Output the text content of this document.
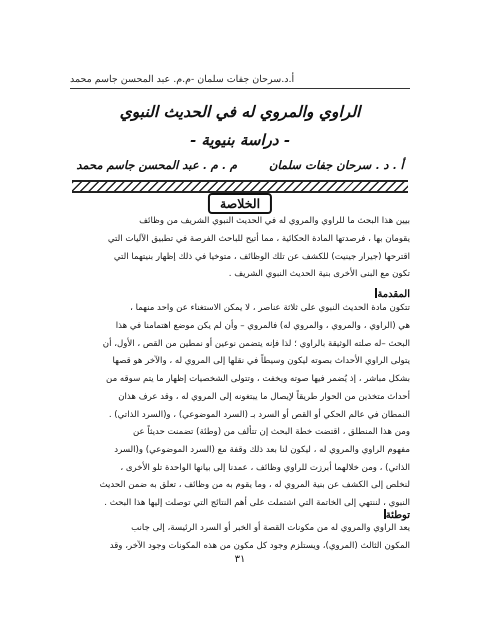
أ.د.سرحان جفات سلمان -م.م. عبد المحسن جاسم محمد
الراوي والمروي له في الحديث النبوي
- دراسة بنيوية -
أ . د . سرحان جفات سلمان م . م . عبد المحسن جاسم محمد
الخلاصة
بيين هذا البحث ما للراوي والمروي له في الحديث النبوي الشريف من وظائف
يقومان بها ، فرصدتها المادة الحكائية ، مما أتيح للباحث الفرصة في تطبيق الآليات التي
اقترحها (جيرار جينيت) للكشف عن تلك الوظائف ، متوخيا في ذلك إظهار بنيتهما التي
تكون مع البنى الأخرى بنية الحديث النبوي الشريف .
المقدمة
تتكون مادة الحديث النبوي على ثلاثة عناصر ، لا يمكن الاستغناء عن واحد منهما ،
هي (الراوي ، والمروي ، والمروي له) فالمروي – وأن لم يكن موضع اهتمامنا في هذا
البحث –له صلته الوثيقة بالراوي ؛ لذا فإنه يتضمن نوعين أو نمطين من القص ، الأول، أن
يتولى الراوي الأحداث بصوته ليكون وسيطاً في نقلها إلى المروي له ، والآخر هو قصها
بشكل مباشر ، إذ يُضمر فيها صوته ويخفت ، وتتولى الشخصيات إظهار ما يتم سوقه من
أحداث متخذين من الحوار طريقاً لإيصال ما يبتغونه إلى المروي له ، وقد عرف هذان
النمطان في عالم الحكي أو القص أو السرد بـ (السرد الموضوعي) ، و(السرد الذاتي) .
ومن هذا المنطلق ، اقتضت خطة البحث إن تتألف من (وطئة) تضمنت حديثاً عن
مفهوم الراوي والمروي له ، ليكون لنا بعد ذلك وقفة مع (السرد الموضوعي) و(السرد
الذاتي) ، ومن خلالهما أبرزت للراوي وظائف ، عمدنا إلى بيانها الواحدة تلو الأخرى ،
لنخلص إلى الكشف عن بنية المروي له ، وما يقوم به من وظائف ، تعلق به ضمن الحديث
النبوي ، لننتهي إلى الخاتمة التي اشتملت على أهم النتائج التي توصلت إليها هذا البحث .
توطئة
يعد الراوي والمروي له من مكونات القصة أو الخبر أو السرد الرئيسة، إلى جانب
المكون الثالث (المروي)، ويستلزم وجود كل مكون من هذه المكونات وجود الآخر، وقد
٣١
